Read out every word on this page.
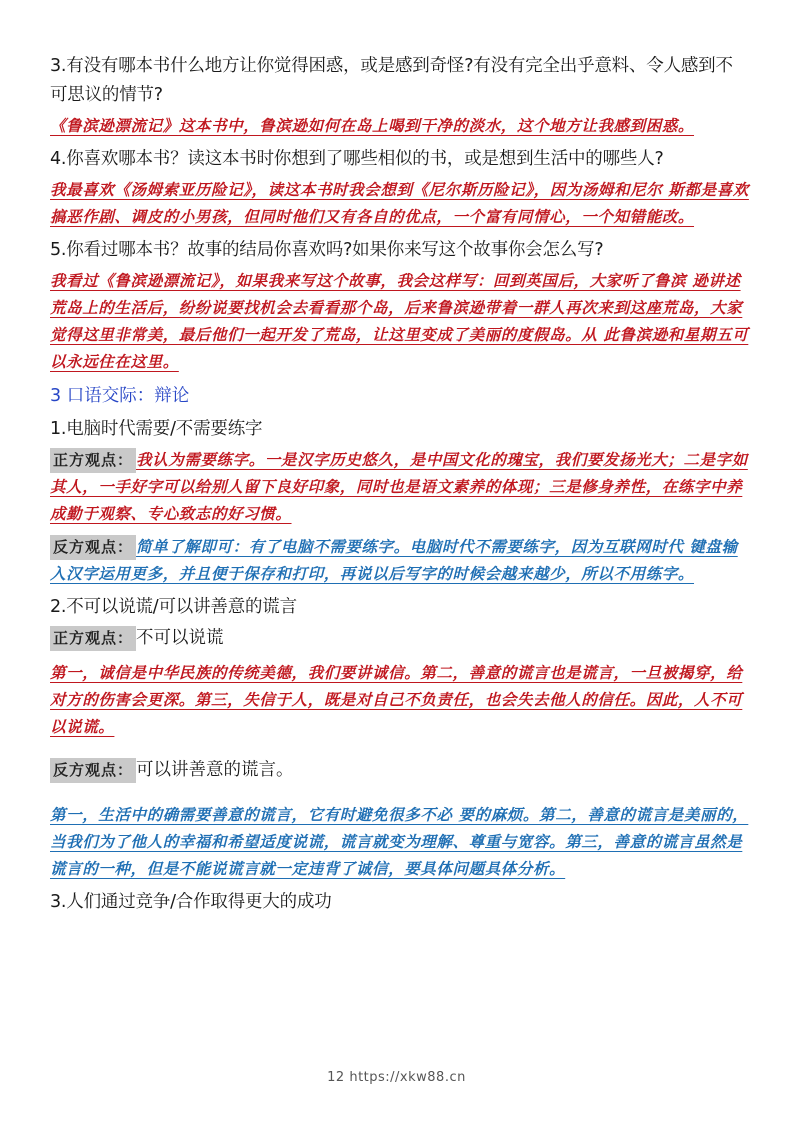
3.有没有哪本书什么地方让你觉得困惑，或是感到奇怪?有没有完全出乎意料、令人感到不 可思议的情节?

《鲁滨逊漂流记》这本书中，鲁滨逊如何在岛上喝到干净的淡水，这个地方让我感到困惑。

4.你喜欢哪本书？读这本书时你想到了哪些相似的书，或是想到生活中的哪些人?

我最喜欢《汤姆索亚历险记》，读这本书时我会想到《尼尔斯历险记》，因为汤姆和尼尔 斯都是喜欢搞恶作剧、调皮的小男孩，但同时他们又有各自的优点，一个富有同情心，一个知错能改。

5.你看过哪本书？故事的结局你喜欢吗?如果你来写这个故事你会怎么写?

我看过《鲁滨逊漂流记》，如果我来写这个故事，我会这样写：回到英国后，大家听了鲁滨 逊讲述荒岛上的生活后，纷纷说要找机会去看看那个岛，后来鲁滨逊带着一群人再次来到这座荒岛，大家觉得这里非常美，最后他们一起开发了荒岛，让这里变成了美丽的度假岛。从 此鲁滨逊和星期五可以永远住在这里。

3 口语交际：辩论

1.电脑时代需要/不需要练字

正方观点： 我认为需要练字。一是汉字历史悠久，是中国文化的瑰宝，我们要发扬光大；二是字如其人，一手好字可以给别人留下良好印象，同时也是语文素养的体现；三是修身养性，在练字中养成勤于观察、专心致志的好习惯。

反方观点： 简单了解即可：有了电脑不需要练字。电脑时代不需要练字，因为互联网时代 键盘输入汉字运用更多，并且便于保存和打印，再说以后写字的时候会越来越少，所以不用练字。

2.不可以说谎/可以讲善意的谎言

正方观点： 不可以说谎

第一，诚信是中华民族的传统美德，我们要讲诚信。第二，善意的谎言也是谎言，一旦被揭穿，给对方的伤害会更深。第三，失信于人，既是对自己不负责任，也会失去他人的信任。因此，人不可以说谎。

反方观点： 可以讲善意的谎言。

第一，生活中的确需要善意的谎言，它有时避免很多不必 要的麻烦。第二，善意的谎言是美丽的，当我们为了他人的幸福和希望适度说谎，谎言就变为理解、尊重与宽容。第三，善意的谎言虽然是谎言的一种，但是不能说谎言就一定违背了诚信，要具体问题具体分析。

3.人们通过竞争/合作取得更大的成功

12 https://xkw88.cn
